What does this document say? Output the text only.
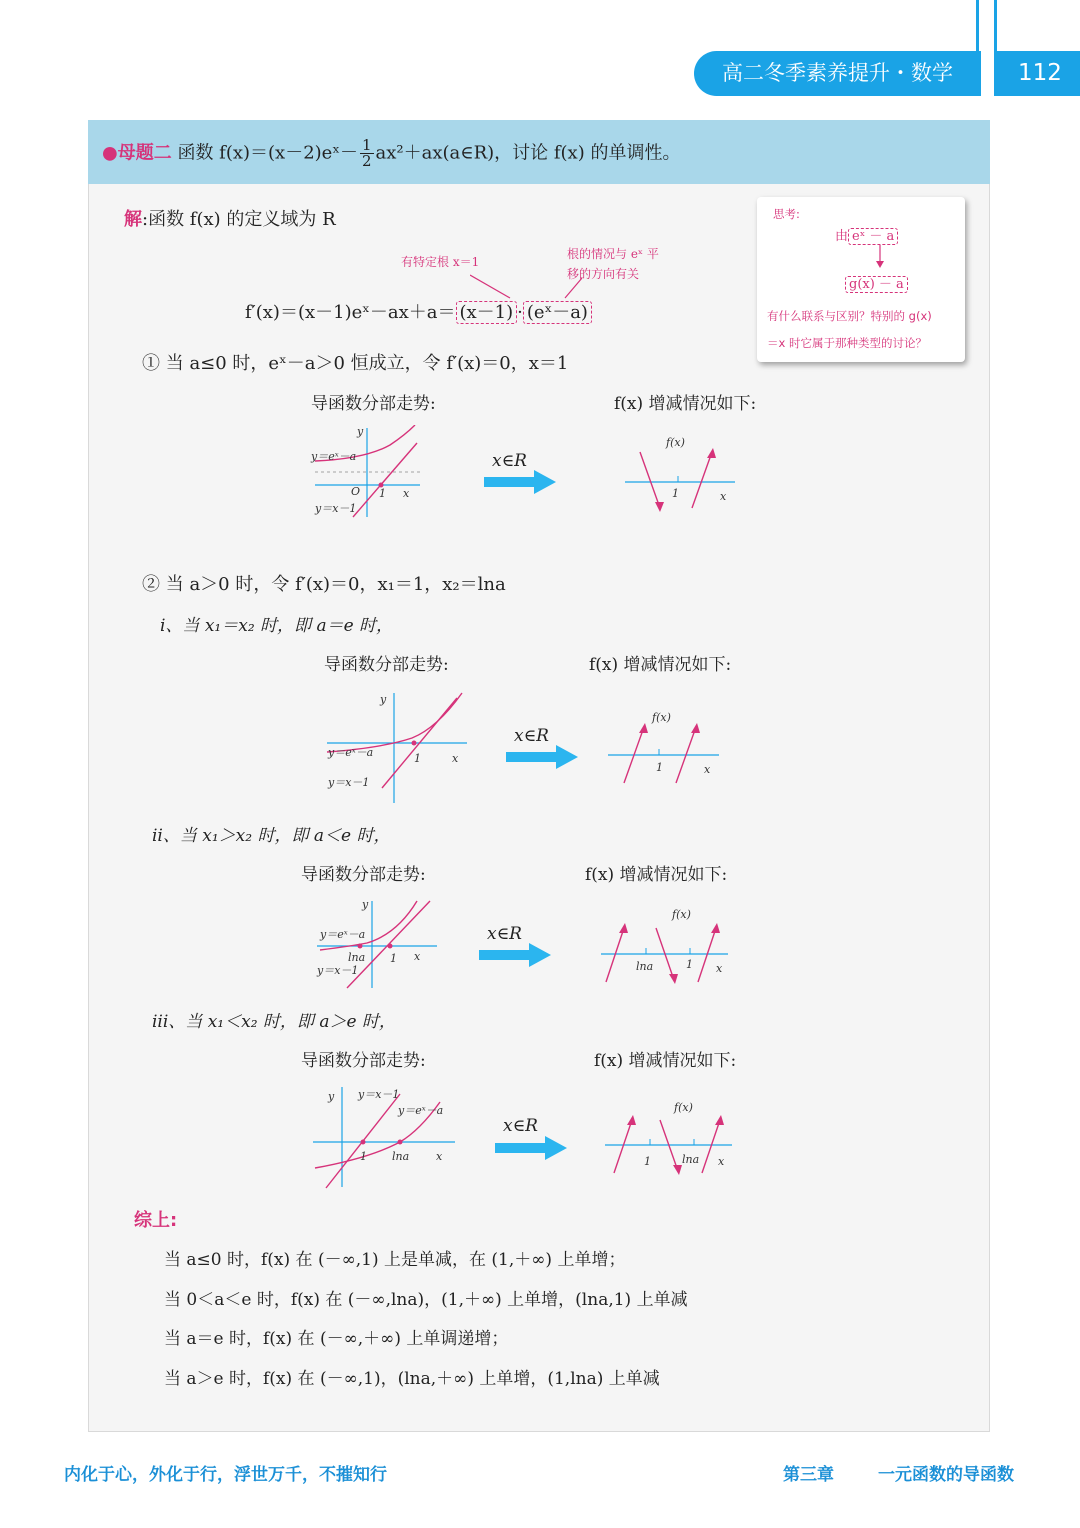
高二冬季素养提升・数学	112
●母题二 函数 f(x)＝(x－2)eˣ－ $\frac{1}{2}$ ax²＋ax(a∈R)，讨论 f(x) 的单调性。
解:函数 f(x) 的定义域为 R
有特定根 x＝1
根的情况与 eˣ 平
移的方向有关
f′(x)＝(x－1)eˣ－ax＋a＝ (x－1) · (eˣ－a)
思考:
由 eˣ － a
g(x) － a
有什么联系与区别？特别的 g(x)
＝x 时它属于那种类型的讨论？
① 当 a≤0 时，eˣ－a＞0 恒成立，令 f′(x)＝0，x＝1
导函数分部走势:	f(x) 增减情况如下:
y
y＝eˣ－a
O 1 x
y＝x－1
x∈R
f(x)
1	x
② 当 a＞0 时，令 f′(x)＝0，x₁＝1，x₂＝lna
i、当 x₁＝x₂ 时，即 a＝e 时，
导函数分部走势:	f(x) 增减情况如下:
y
y＝eˣ－a	1	x
y＝x－1
x∈R
f(x)
1	x
ii、当 x₁＞x₂ 时，即 a＜e 时，
导函数分部走势:	f(x) 增减情况如下:
y
y＝eˣ－a
lna 1 x
y＝x－1
x∈R
f(x)
lna	1 x
iii、当 x₁＜x₂ 时，即 a＞e 时，
导函数分部走势:	f(x) 增减情况如下:
y y＝x－1
y＝eˣ－a
1 lna x
x∈R
f(x)
1	lna x
综上:
当 a≤0 时，f(x) 在 (－∞,1) 上是单减，在 (1,＋∞) 上单增；
当 0＜a＜e 时，f(x) 在 (－∞,lna)，(1,＋∞) 上单增，(lna,1) 上单减
当 a＝e 时，f(x) 在 (－∞,＋∞) 上单调递增；
当 a＞e 时，f(x) 在 (－∞,1)，(lna,＋∞) 上单增，(1,lna) 上单减
内化于心，外化于行，浮世万千，不摧知行	第三章	一元函数的导函数
